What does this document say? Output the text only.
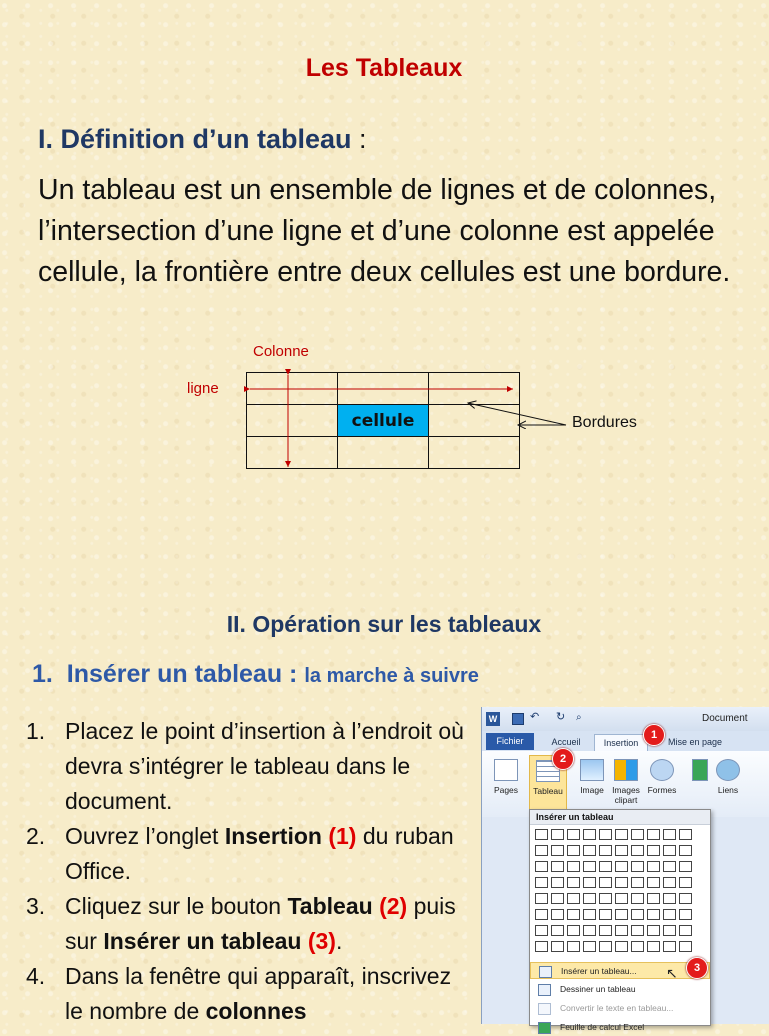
Les Tableaux
I. Définition d’un tableau :
Un tableau est un ensemble de lignes et de colonnes, l’intersection d’une ligne et d’une colonne est appelée cellule, la frontière entre deux cellules est une bordure.
Colonne
ligne
Bordures

	cellule	

II. Opération sur les tableaux
1. Insérer un tableau : la marche à suivre
1. Placez le point d’insertion à l’endroit où devra s’intégrer le tableau dans le document.
2. Ouvrez l’onglet Insertion (1) du ruban Office.
3. Cliquez sur le bouton Tableau (2) puis sur Insérer un tableau (3).
4. Dans la fenêtre qui apparaît, inscrivez le nombre de colonnes
W	↶ ↻ ⌕	Document
Fichier	Accueil	Insertion	Mise en page
Pages	Tableau	Image Images clipart
Formes	Liens
Insérer un tableau
Insérer un tableau...
Dessiner un tableau
Convertir le texte en tableau...
Feuille de calcul Excel
1
2
3
↖
